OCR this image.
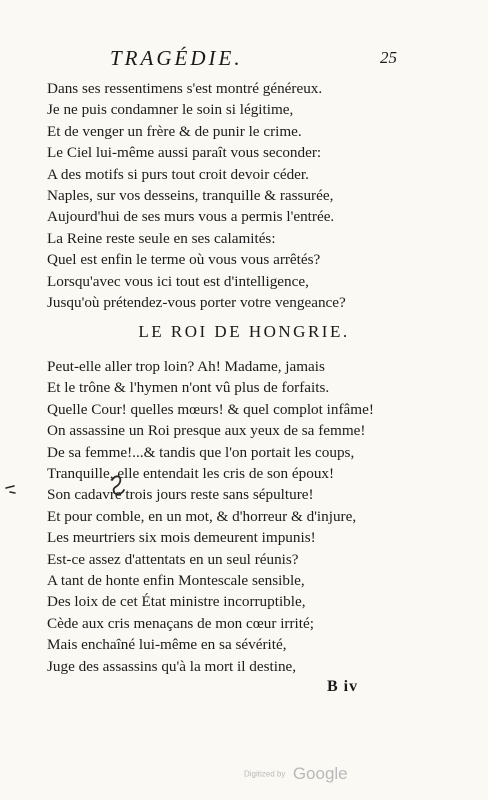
TRAGÉDIE.	25
Dans ses ressentimens s'est montré généreux.
Je ne puis condamner le soin si légitime,
Et de venger un frère & de punir le crime.
Le Ciel lui-même aussi paraît vous seconder:
A des motifs si purs tout croit devoir céder.
Naples, sur vos desseins, tranquille & rassurée,
Aujourd'hui de ses murs vous a permis l'entrée.
La Reine reste seule en ses calamités:
Quel est enfin le terme où vous vous arrêtés?
Lorsqu'avec vous ici tout est d'intelligence,
Jusqu'où prétendez-vous porter votre vengeance?
LE ROI DE HONGRIE.
Peut-elle aller trop loin? Ah! Madame, jamais
Et le trône & l'hymen n'ont vû plus de forfaits.
Quelle Cour! quelles mœurs! & quel complot infâme!
On assassine un Roi presque aux yeux de sa femme!
De sa femme!...& tandis que l'on portait les coups,
Tranquille, elle entendait les cris de son époux!
Son cadavre trois jours reste sans sépulture!
Et pour comble, en un mot, & d'horreur & d'injure,
Les meurtriers six mois demeurent impunis!
Est-ce assez d'attentats en un seul réunis?
A tant de honte enfin Montescale sensible,
Des loix de cet État ministre incorruptible,
Cède aux cris menaçans de mon cœur irrité;
Mais enchaîné lui-même en sa sévérité,
Juge des assassins qu'à la mort il destine,
B iv
Digitized by Google
